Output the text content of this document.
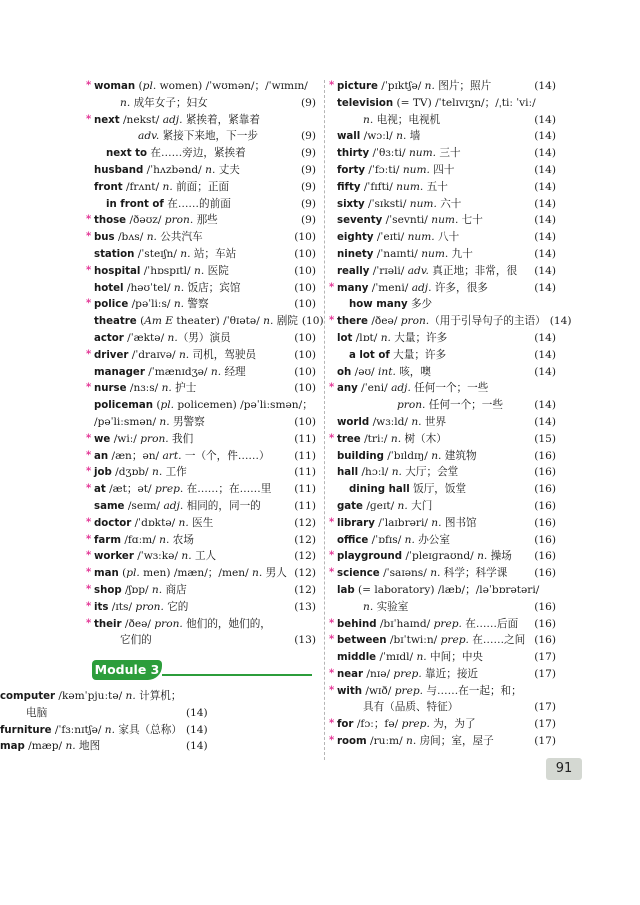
* woman (pl. women) /ˈwʊmən/；/ˈwɪmɪn/
n. 成年女子；妇女	(9)
* next /nekst/ adj. 紧挨着，紧靠着
adv. 紧接下来地，下一步	(9)
next to 在……旁边，紧挨着	(9)
husband /ˈhʌzbənd/ n. 丈夫	(9)
front /frʌnt/ n. 前面；正面	(9)
in front of 在……的前面	(9)
* those /ðəʊz/ pron. 那些	(9)
* bus /bʌs/ n. 公共汽车	(10)
station /ˈsteɪʃn/ n. 站；车站	(10)
* hospital /ˈhɒspɪtl/ n. 医院	(10)
hotel /həʊˈtel/ n. 饭店；宾馆	(10)
* police /pəˈliːs/ n. 警察	(10)
theatre (Am E theater) /ˈθɪətə/ n. 剧院 (10)
actor /ˈæktə/ n.（男）演员	(10)
* driver /ˈdraɪvə/ n. 司机，驾驶员	(10)
manager /ˈmænɪdʒə/ n. 经理	(10)
* nurse /nɜːs/ n. 护士	(10)
policeman (pl. policemen) /pəˈliːsmən/；
/pəˈliːsmən/ n. 男警察	(10)
* we /wiː/ pron. 我们	(11)
* an /æn；ən/ art. 一（个，件……）	(11)
* job /dʒɒb/ n. 工作	(11)
* at /æt；ət/ prep. 在……；在……里	(11)
same /seɪm/ adj. 相同的，同一的	(11)
* doctor /ˈdɒktə/ n. 医生	(12)
* farm /fɑːm/ n. 农场	(12)
* worker /ˈwɜːkə/ n. 工人	(12)
* man (pl. men) /mæn/；/men/ n. 男人 (12)
* shop /ʃɒp/ n. 商店	(12)
* its /ɪts/ pron. 它的	(13)
* their /ðeə/ pron. 他们的，她们的，
它们的	(13)
Module 3
computer /kəmˈpjuːtə/ n. 计算机；
电脑	(14)
furniture /ˈfɜːnɪtʃə/ n. 家具（总称） (14)
map /mæp/ n. 地图	(14)
* picture /ˈpɪktʃə/ n. 图片；照片	(14)
television (= TV) /ˈtelɪvɪʒn/；/ˌtiː ˈviː/
n. 电视；电视机	(14)
wall /wɔːl/ n. 墙	(14)
thirty /ˈθɜːti/ num. 三十	(14)
forty /ˈfɔːti/ num. 四十	(14)
fifty /ˈfɪfti/ num. 五十	(14)
sixty /ˈsɪksti/ num. 六十	(14)
seventy /ˈsevnti/ num. 七十	(14)
eighty /ˈeɪti/ num. 八十	(14)
ninety /ˈnaɪnti/ num. 九十	(14)
really /ˈrɪəli/ adv. 真正地；非常，很	(14)
* many /ˈmeni/ adj. 许多，很多	(14)
how many 多少
* there /ðeə/ pron.（用于引导句子的主语） (14)
lot /lɒt/ n. 大量；许多	(14)
a lot of 大量；许多	(14)
oh /əʊ/ int. 咳，噢	(14)
* any /ˈeni/ adj. 任何一个；一些
pron. 任何一个；一些	(14)
world /wɜːld/ n. 世界	(14)
* tree /triː/ n. 树（木）	(15)
building /ˈbɪldɪŋ/ n. 建筑物	(16)
hall /hɔːl/ n. 大厅；会堂	(16)
dining hall 饭厅，饭堂	(16)
gate /ɡeɪt/ n. 大门	(16)
* library /ˈlaɪbrəri/ n. 图书馆	(16)
office /ˈɒfɪs/ n. 办公室	(16)
* playground /ˈpleɪɡraʊnd/ n. 操场	(16)
* science /ˈsaɪəns/ n. 科学；科学课	(16)
lab (= laboratory) /læb/；/ləˈbɒrətəri/
n. 实验室	(16)
* behind /bɪˈhaɪnd/ prep. 在……后面	(16)
* between /bɪˈtwiːn/ prep. 在……之间 (16)
middle /ˈmɪdl/ n. 中间；中央	(17)
* near /nɪə/ prep. 靠近；接近	(17)
* with /wɪð/ prep. 与……在一起；和；
具有（品质、特征）	(17)
* for /fɔː；fə/ prep. 为，为了	(17)
* room /ruːm/ n. 房间；室，屋子	(17)
91
